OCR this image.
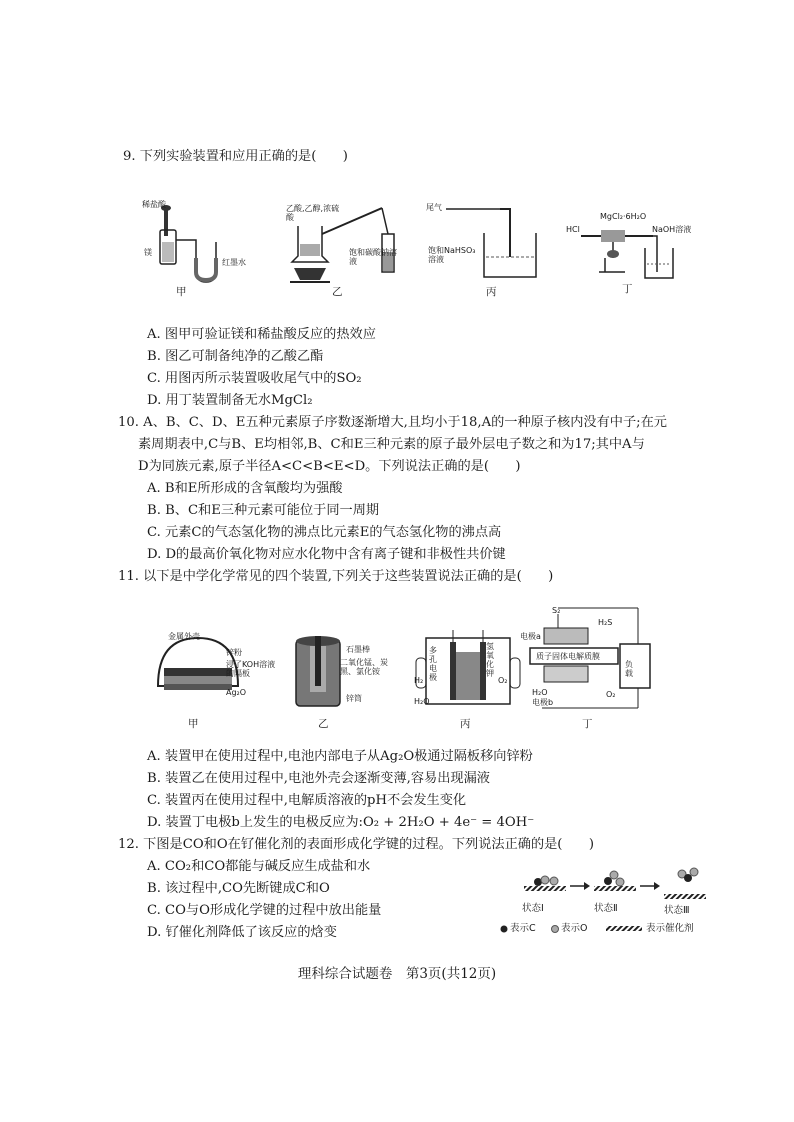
9. 下列实验装置和应用正确的是(　　)
稀盐酸
镁
红墨水
甲
乙酸,乙醇,浓硫酸
饱和碳酸钠溶液
乙
尾气
饱和NaHSO₃溶液
丙
HCl
MgCl₂·6H₂O
NaOH溶液
丁
A. 图甲可验证镁和稀盐酸反应的热效应
B. 图乙可制备纯净的乙酸乙酯
C. 用图丙所示装置吸收尾气中的SO₂
D. 用丁装置制备无水MgCl₂
10. A、B、C、D、E五种元素原子序数逐渐增大,且均小于18,A的一种原子核内没有中子;在元
素周期表中,C与B、E均相邻,B、C和E三种元素的原子最外层电子数之和为17;其中A与
D为同族元素,原子半径A<C<B<E<D。下列说法正确的是(　　)
A. B和E所形成的含氧酸均为强酸
B. B、C和E三种元素可能位于同一周期
C. 元素C的气态氢化物的沸点比元素E的气态氢化物的沸点高
D. D的最高价氧化物对应水化物中含有离子键和非极性共价键
11. 以下是中学化学常见的四个装置,下列关于这些装置说法正确的是(　　)
金属外壳
锌粉
浸了KOH溶液的隔板
Ag₂O
甲
石墨棒
二氧化锰、炭黑、氯化铵
锌筒
乙
H₂	O₂
H₂O
多孔电极
氢氧化钾
丙
S₂
H₂S
电极a
质子固体电解质膜
负载
H₂O
电极b
O₂
丁
A. 装置甲在使用过程中,电池内部电子从Ag₂O极通过隔板移向锌粉
B. 装置乙在使用过程中,电池外壳会逐渐变薄,容易出现漏液
C. 装置丙在使用过程中,电解质溶液的pH不会发生变化
D. 装置丁电极b上发生的电极反应为:O₂ + 2H₂O + 4e⁻ = 4OH⁻
12. 下图是CO和O在钌催化剂的表面形成化学键的过程。下列说法正确的是(　　)
A. CO₂和CO都能与碱反应生成盐和水
B. 该过程中,CO先断键成C和O
C. CO与O形成化学键的过程中放出能量
D. 钌催化剂降低了该反应的焓变
状态Ⅰ	状态Ⅱ	状态Ⅲ
表示C	表示O	表示催化剂
理科综合试题卷　第3页(共12页)
